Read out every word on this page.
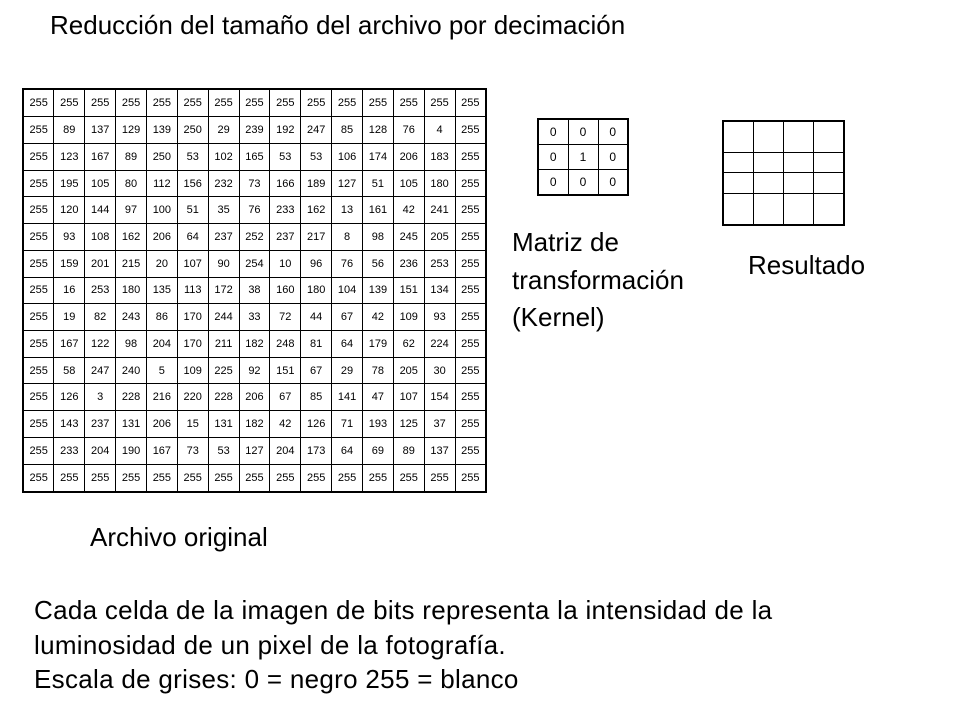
Reducción del tamaño del archivo por decimación
255	255	255	255	255	255	255	255	255	255	255	255	255	255	255
255	89	137	129	139	250	29	239	192	247	85	128	76	4	255
255	123	167	89	250	53	102	165	53	53	106	174	206	183	255
255	195	105	80	112	156	232	73	166	189	127	51	105	180	255
255	120	144	97	100	51	35	76	233	162	13	161	42	241	255
255	93	108	162	206	64	237	252	237	217	8	98	245	205	255
255	159	201	215	20	107	90	254	10	96	76	56	236	253	255
255	16	253	180	135	113	172	38	160	180	104	139	151	134	255
255	19	82	243	86	170	244	33	72	44	67	42	109	93	255
255	167	122	98	204	170	211	182	248	81	64	179	62	224	255
255	58	247	240	5	109	225	92	151	67	29	78	205	30	255
255	126	3	228	216	220	228	206	67	85	141	47	107	154	255
255	143	237	131	206	15	131	182	42	126	71	193	125	37	255
255	233	204	190	167	73	53	127	204	173	64	69	89	137	255
255	255	255	255	255	255	255	255	255	255	255	255	255	255	255
0	0	0
0	1	0
0	0	0

Matriz de
transformación
(Kernel)
Resultado
Archivo original
Cada celda de la imagen de bits representa la intensidad de la
luminosidad de un pixel de la fotografía.
Escala de grises: 0 = negro 255 = blanco
